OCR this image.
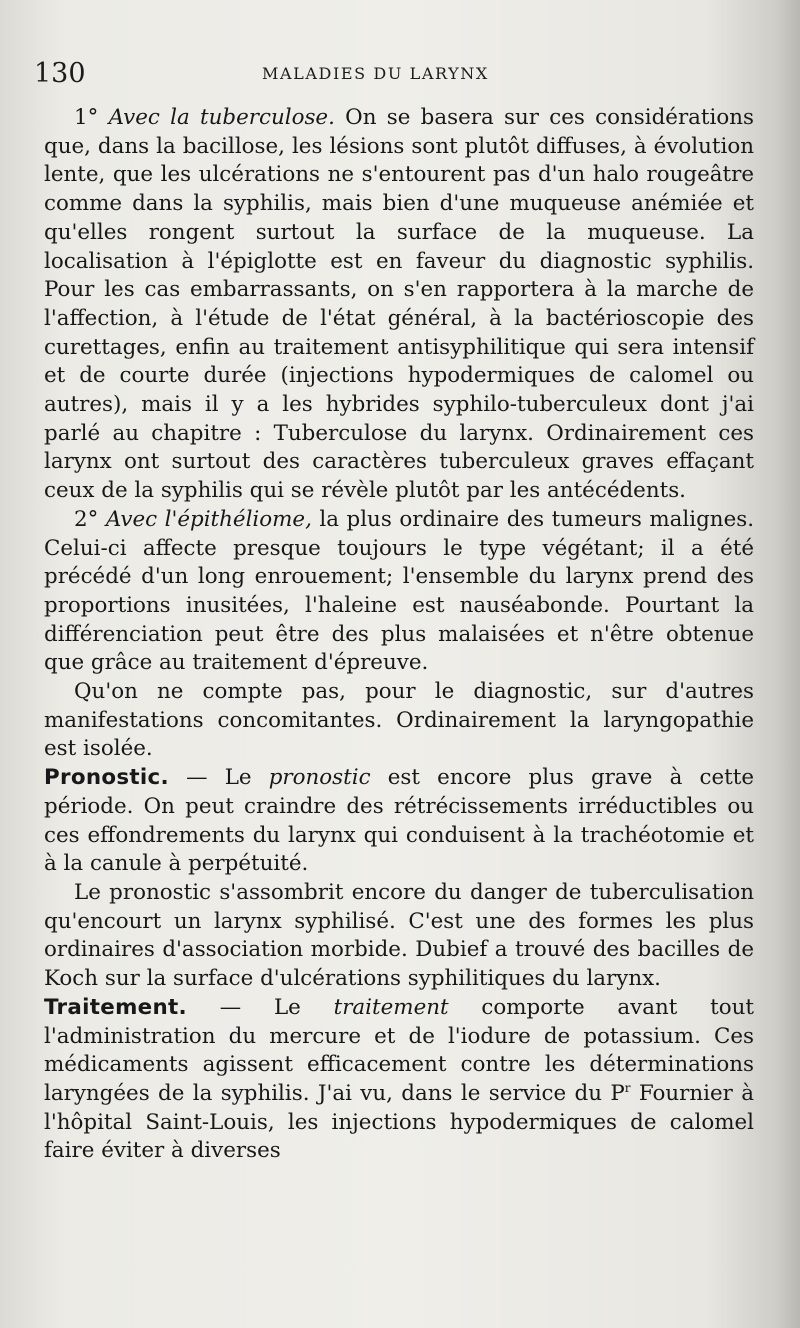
130	MALADIES DU LARYNX

1° Avec la tuberculose. On se basera sur ces considérations que, dans la bacillose, les lésions sont plutôt diffuses, à évolution lente, que les ulcérations ne s'entourent pas d'un halo rougeâtre comme dans la syphilis, mais bien d'une muqueuse anémiée et qu'elles rongent surtout la surface de la muqueuse. La localisation à l'épiglotte est en faveur du diagnostic syphilis. Pour les cas embarrassants, on s'en rapportera à la marche de l'affection, à l'étude de l'état général, à la bactérioscopie des curettages, enfin au traitement antisyphilitique qui sera intensif et de courte durée (injections hypodermiques de calomel ou autres), mais il y a les hybrides syphilo-tuberculeux dont j'ai parlé au chapitre : Tuberculose du larynx. Ordinairement ces larynx ont surtout des caractères tuberculeux graves effaçant ceux de la syphilis qui se révèle plutôt par les antécédents.

2° Avec l'épithéliome, la plus ordinaire des tumeurs malignes. Celui-ci affecte presque toujours le type végétant; il a été précédé d'un long enrouement; l'ensemble du larynx prend des proportions inusitées, l'haleine est nauséabonde. Pourtant la différenciation peut être des plus malaisées et n'être obtenue que grâce au traitement d'épreuve.

Qu'on ne compte pas, pour le diagnostic, sur d'autres manifestations concomitantes. Ordinairement la laryngopathie est isolée.

Pronostic. — Le pronostic est encore plus grave à cette période. On peut craindre des rétrécissements irréductibles ou ces effondrements du larynx qui conduisent à la trachéotomie et à la canule à perpétuité.

Le pronostic s'assombrit encore du danger de tuberculisation qu'encourt un larynx syphilisé. C'est une des formes les plus ordinaires d'association morbide. Dubief a trouvé des bacilles de Koch sur la surface d'ulcérations syphilitiques du larynx.

Traitement. — Le traitement comporte avant tout l'administration du mercure et de l'iodure de potassium. Ces médicaments agissent efficacement contre les déterminations laryngées de la syphilis. J'ai vu, dans le service du $P^r$ Fournier à l'hôpital Saint-Louis, les injections hypodermiques de calomel faire éviter à diverses
